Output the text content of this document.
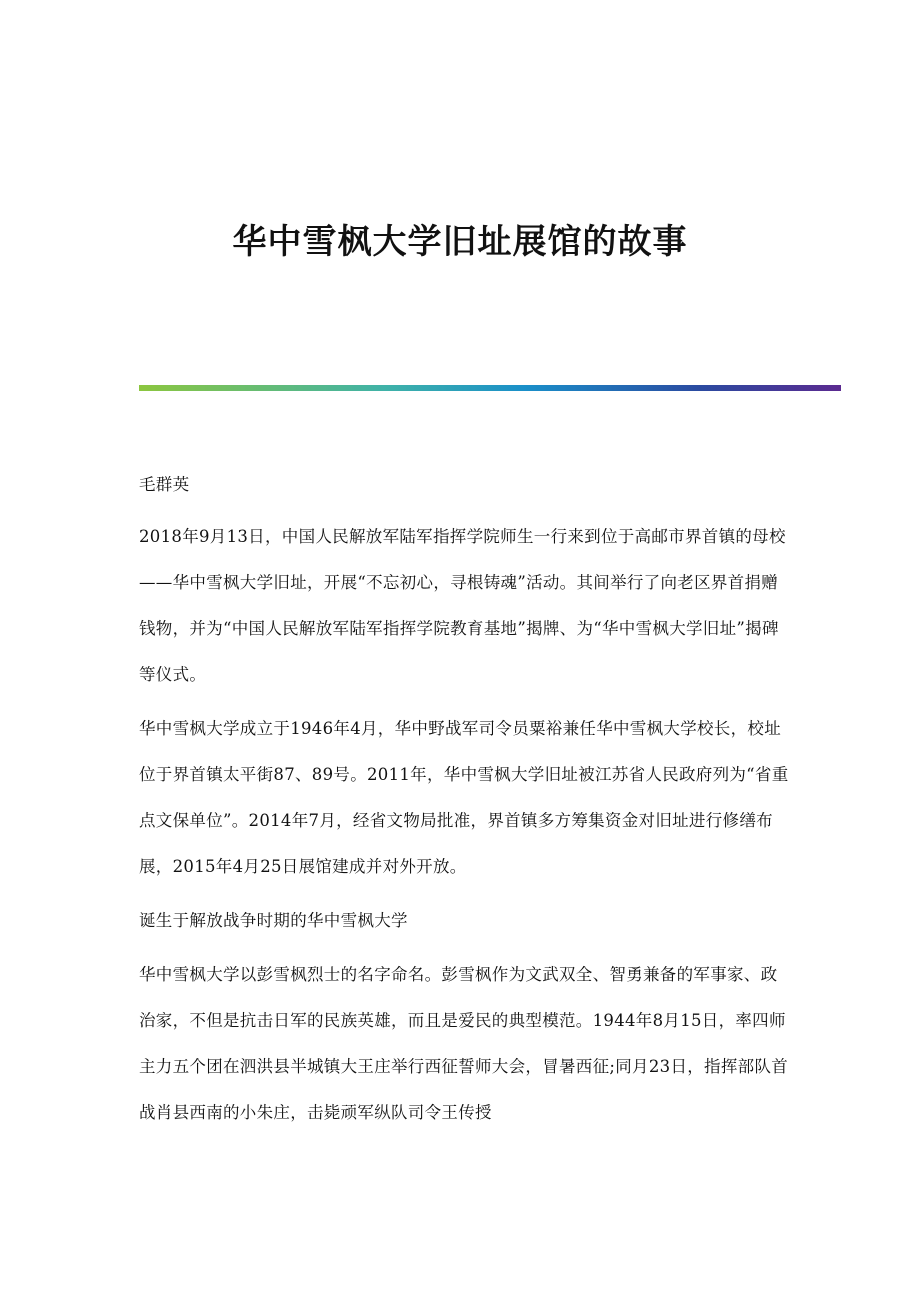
华中雪枫大学旧址展馆的故事

毛群英

2018年9月13日，中国人民解放军陆军指挥学院师生一行来到位于高邮市界首镇的母校——华中雪枫大学旧址，开展“不忘初心，寻根铸魂”活动。其间举行了向老区界首捐赠钱物，并为“中国人民解放军陆军指挥学院教育基地”揭牌、为“华中雪枫大学旧址”揭碑等仪式。

华中雪枫大学成立于1946年4月，华中野战军司令员粟裕兼任华中雪枫大学校长，校址位于界首镇太平街87、89号。2011年，华中雪枫大学旧址被江苏省人民政府列为“省重点文保单位”。2014年7月，经省文物局批准，界首镇多方筹集资金对旧址进行修缮布展，2015年4月25日展馆建成并对外开放。

诞生于解放战争时期的华中雪枫大学

华中雪枫大学以彭雪枫烈士的名字命名。彭雪枫作为文武双全、智勇兼备的军事家、政治家，不但是抗击日军的民族英雄，而且是爱民的典型模范。1944年8月15日，率四师主力五个团在泗洪县半城镇大王庄举行西征誓师大会，冒暑西征;同月23日，指挥部队首战肖县西南的小朱庄，击毙顽军纵队司令王传授
